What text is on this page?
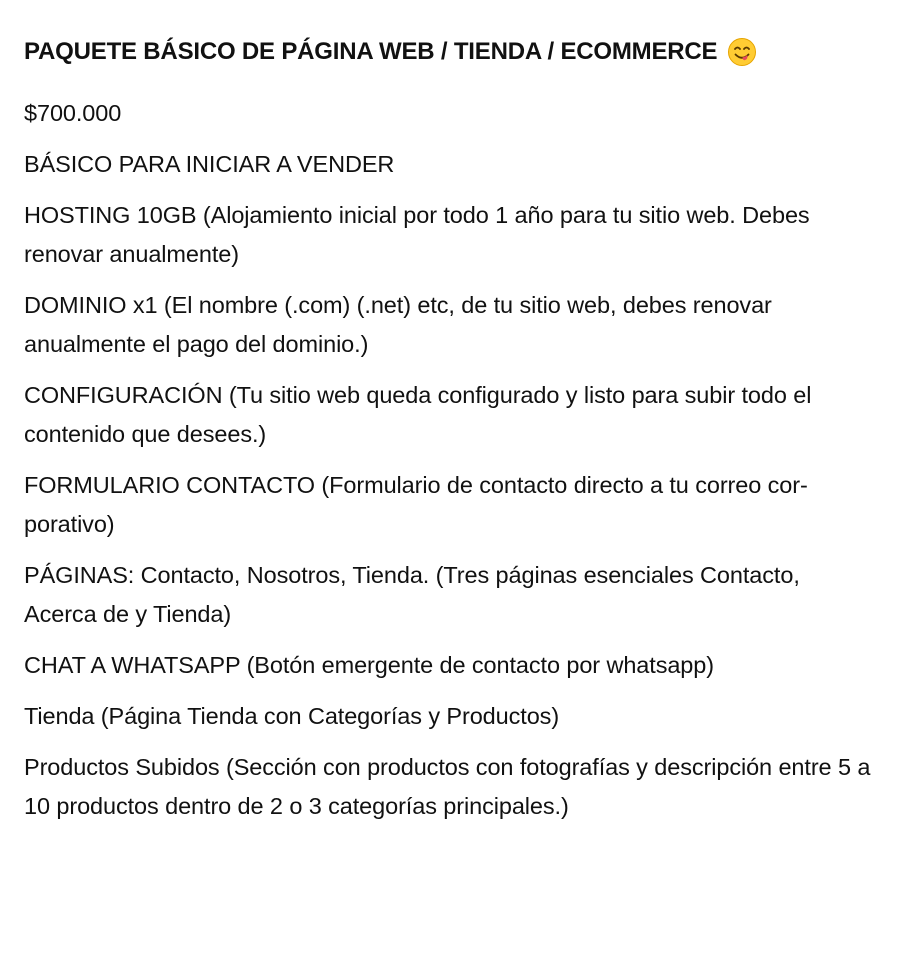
PAQUETE BÁSICO DE PÁGINA WEB / TIENDA / ECOMMERCE

$700.000

BÁSICO PARA INICIAR A VENDER

HOSTING 10GB (Alojamiento inicial por todo 1 año para tu sitio web. Debes renovar anualmente)

DOMINIO x1 (El nombre (.com) (.net) etc, de tu sitio web, debes renovar anualmente el pago del dominio.)

CONFIGURACIÓN (Tu sitio web queda configurado y listo para subir todo el contenido que desees.)

FORMULARIO CONTACTO (Formulario de contacto directo a tu correo cor-porativo)

PÁGINAS: Contacto, Nosotros, Tienda. (Tres páginas esenciales Contacto, Acerca de y Tienda)

CHAT A WHATSAPP (Botón emergente de contacto por whatsapp)

Tienda (Página Tienda con Categorías y Productos)

Productos Subidos (Sección con productos con fotografías y descripción entre 5 a 10 productos dentro de 2 o 3 categorías principales.)
